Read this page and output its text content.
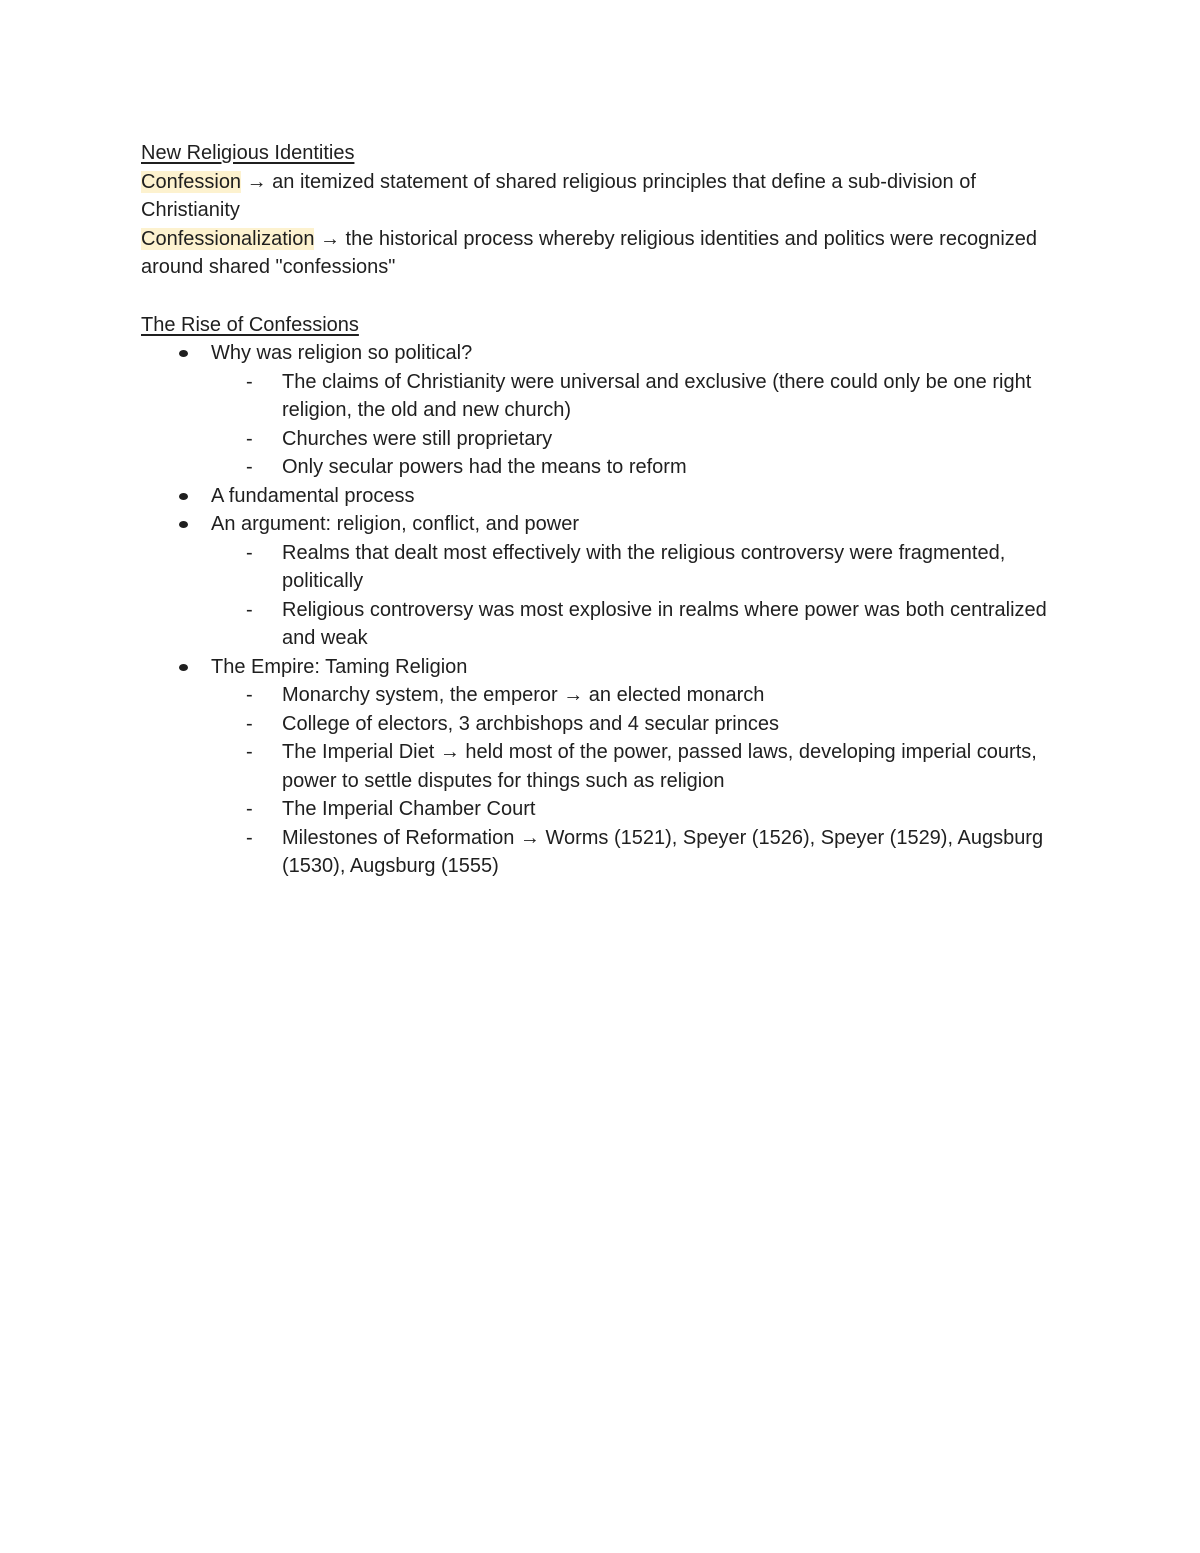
New Religious Identities

Confession → an itemized statement of shared religious principles that define a sub-division of Christianity

Confessionalization → the historical process whereby religious identities and politics were recognized around shared "confessions"

The Rise of Confessions

Why was religion so political?
- The claims of Christianity were universal and exclusive (there could only be one right religion, the old and new church)
- Churches were still proprietary
- Only secular powers had the means to reform
A fundamental process
An argument: religion, conflict, and power
- Realms that dealt most effectively with the religious controversy were fragmented, politically
- Religious controversy was most explosive in realms where power was both centralized and weak
The Empire: Taming Religion
- Monarchy system, the emperor → an elected monarch
- College of electors, 3 archbishops and 4 secular princes
- The Imperial Diet → held most of the power, passed laws, developing imperial courts, power to settle disputes for things such as religion
- The Imperial Chamber Court
- Milestones of Reformation → Worms (1521), Speyer (1526), Speyer (1529), Augsburg (1530), Augsburg (1555)
